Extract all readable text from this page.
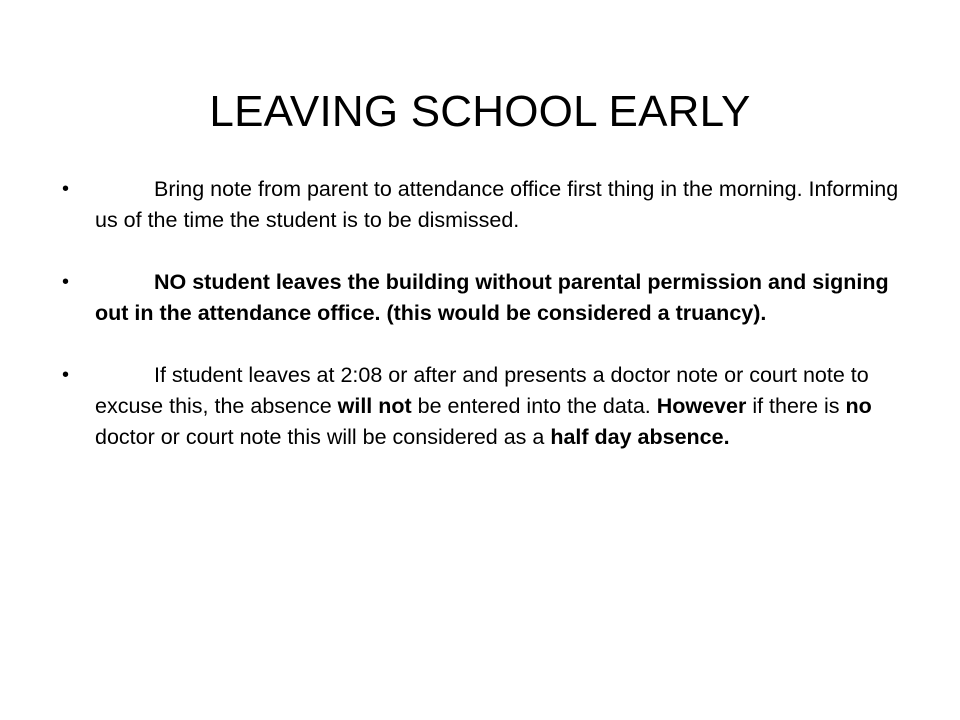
LEAVING SCHOOL EARLY
•	Bring note from parent to attendance office first thing in the morning. Informing us of the time the student is to be dismissed.
•	NO student leaves the building without parental permission and signing out in the attendance office. (this would be considered a truancy).
•	If student leaves at 2:08 or after and presents a doctor note or court note to excuse this, the absence will not be entered into the data. However if there is no doctor or court note this will be considered as a half day absence.
